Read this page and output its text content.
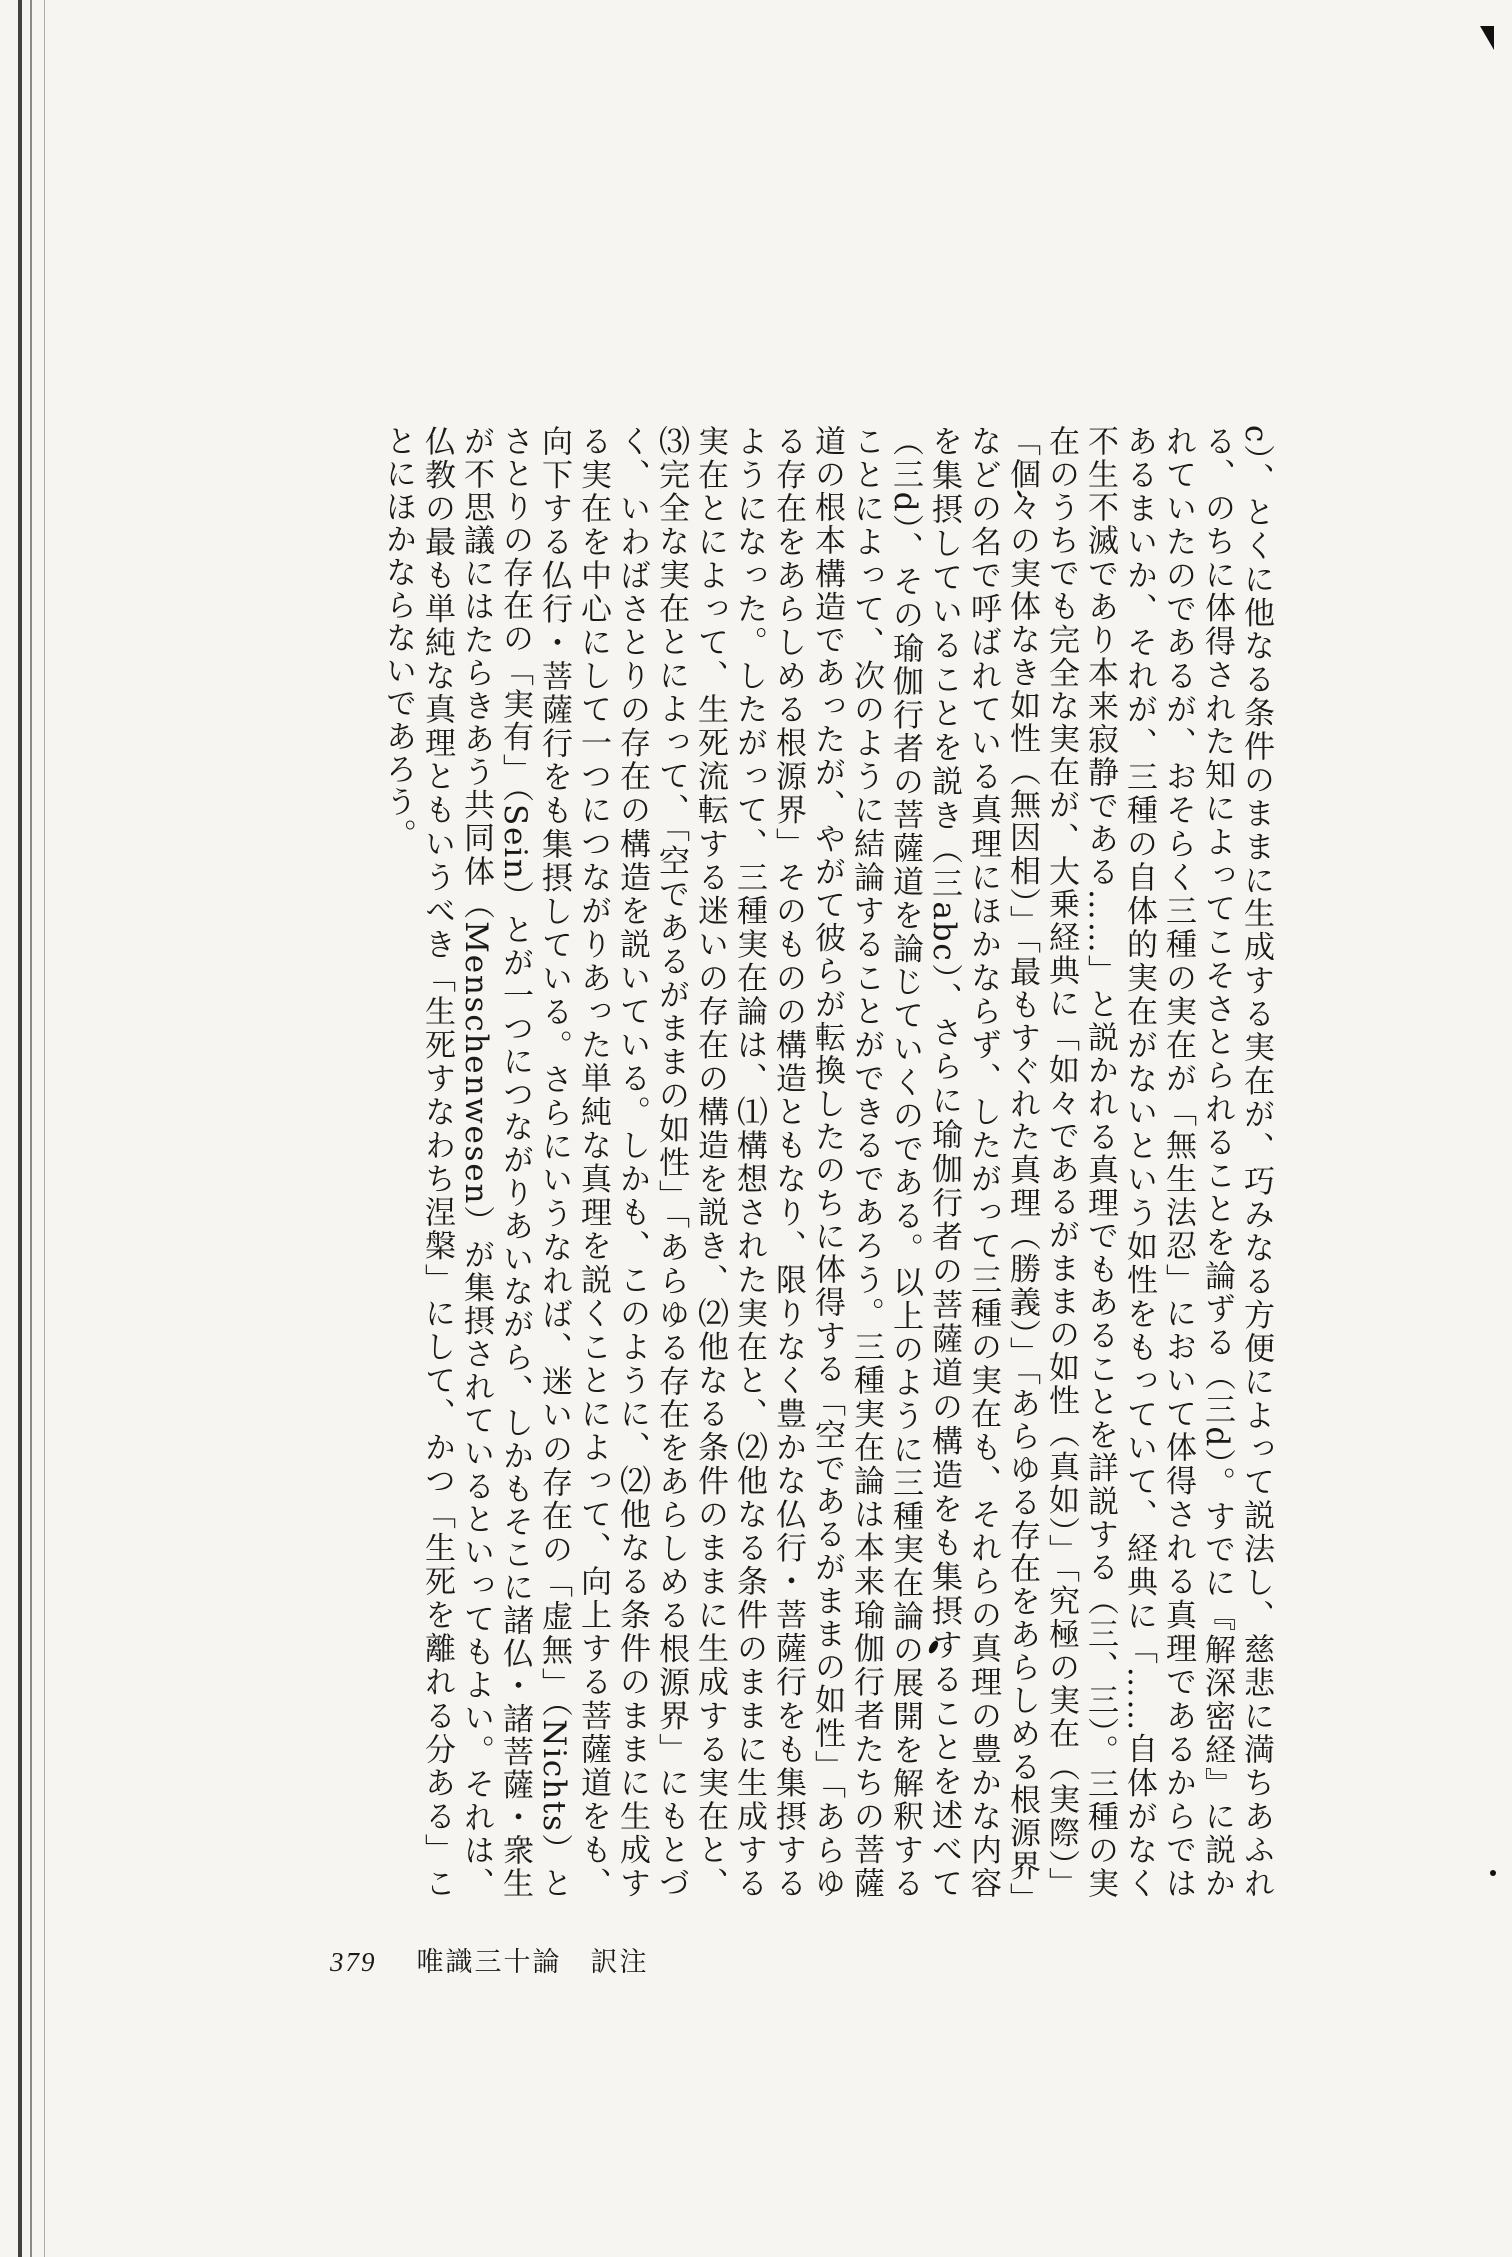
c）、とくに他なる条件のままに生成する実在が、巧みなる方便によって説法し、慈悲に満ちあふれる、のちに体得された知によってこそさとられることを論ずる（三d）。すでに『解深密経』に説かれていたのであるが、おそらく三種の実在が「無生法忍」において体得される真理であるからではあるまいか、それが、三種の自体的実在がないという如性をもっていて、経典に「……自体がなく不生不滅であり本来寂静である……」と説かれる真理でもあることを詳説する（三、三）。三種の実在のうちでも完全な実在が、大乗経典に「如々であるがままの如性（真如）」「究極の実在（実際）」「個々の実体なき如性（無因相）」「最もすぐれた真理（勝義）」「あらゆる存在をあらしめる根源界」などの名で呼ばれている真理にほかならず、したがって三種の実在も、それらの真理の豊かな内容を集摂していることを説き（三abc）、さらに瑜伽行者の菩薩道の構造をも集摂することを述べて（三d）、その瑜伽行者の菩薩道を論じていくのである。以上のように三種実在論の展開を解釈することによって、次のように結論することができるであろう。三種実在論は本来瑜伽行者たちの菩薩道の根本構造であったが、やがて彼らが転換したのちに体得する「空であるがままの如性」「あらゆる存在をあらしめる根源界」そのものの構造ともなり、限りなく豊かな仏行・菩薩行をも集摂するようになった。したがって、三種実在論は、⑴構想された実在と、⑵他なる条件のままに生成する実在とによって、生死流転する迷いの存在の構造を説き、⑵他なる条件のままに生成する実在と、⑶完全な実在とによって、「空であるがままの如性」「あらゆる存在をあらしめる根源界」にもとづく、いわばさとりの存在の構造を説いている。しかも、このように、⑵他なる条件のままに生成する実在を中心にして一つにつながりあった単純な真理を説くことによって、向上する菩薩道をも、向下する仏行・菩薩行をも集摂している。さらにいうなれば、迷いの存在の「虚無」（Nichts）とさとりの存在の「実有」（Sein）とが一つにつながりあいながら、しかもそこに諸仏・諸菩薩・衆生が不思議にはたらきあう共同体（Menschenwesen）が集摂されているといってもよい。それは、仏教の最も単純な真理ともいうべき「生死すなわち涅槃」にして、かつ「生死を離れる分ある」ことにほかならないであろう。

379 唯識三十論　訳注
